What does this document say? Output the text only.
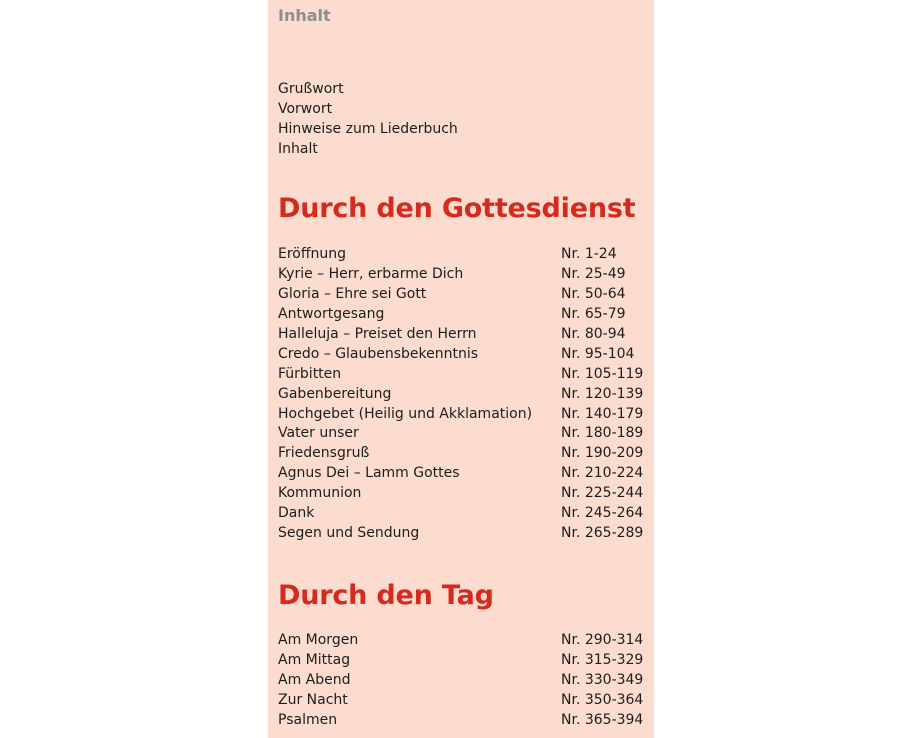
Inhalt
Grußwort
Vorwort
Hinweise zum Liederbuch
Inhalt
Durch den Gottesdienst
Eröffnung	Nr. 1-24
Kyrie – Herr, erbarme Dich	Nr. 25-49
Gloria – Ehre sei Gott	Nr. 50-64
Antwortgesang	Nr. 65-79
Halleluja – Preiset den Herrn	Nr. 80-94
Credo – Glaubensbekenntnis	Nr. 95-104
Fürbitten	Nr. 105-119
Gabenbereitung	Nr. 120-139
Hochgebet (Heilig und Akklamation)	Nr. 140-179
Vater unser	Nr. 180-189
Friedensgruß	Nr. 190-209
Agnus Dei – Lamm Gottes	Nr. 210-224
Kommunion	Nr. 225-244
Dank	Nr. 245-264
Segen und Sendung	Nr. 265-289
Durch den Tag
Am Morgen	Nr. 290-314
Am Mittag	Nr. 315-329
Am Abend	Nr. 330-349
Zur Nacht	Nr. 350-364
Psalmen	Nr. 365-394
